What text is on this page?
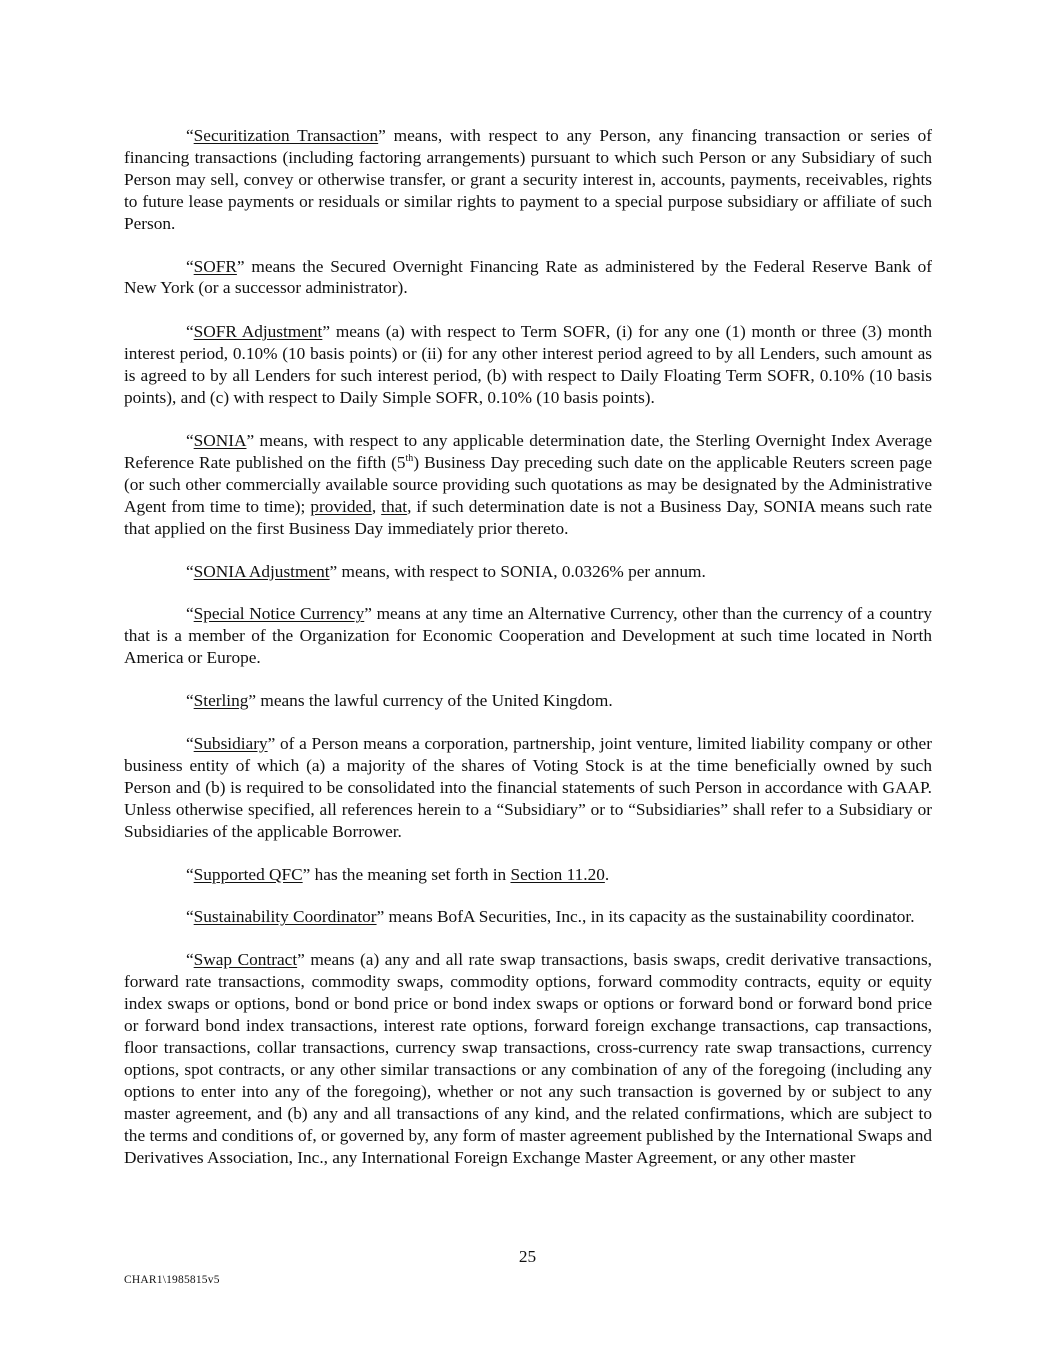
“Securitization Transaction” means, with respect to any Person, any financing transaction or series of financing transactions (including factoring arrangements) pursuant to which such Person or any Subsidiary of such Person may sell, convey or otherwise transfer, or grant a security interest in, accounts, payments, receivables, rights to future lease payments or residuals or similar rights to payment to a special purpose subsidiary or affiliate of such Person.

“SOFR” means the Secured Overnight Financing Rate as administered by the Federal Reserve Bank of New York (or a successor administrator).

“SOFR Adjustment” means (a) with respect to Term SOFR, (i) for any one (1) month or three (3) month interest period, 0.10% (10 basis points) or (ii) for any other interest period agreed to by all Lenders, such amount as is agreed to by all Lenders for such interest period, (b) with respect to Daily Floating Term SOFR, 0.10% (10 basis points), and (c) with respect to Daily Simple SOFR, 0.10% (10 basis points).

“SONIA” means, with respect to any applicable determination date, the Sterling Overnight Index Average Reference Rate published on the fifth (5th) Business Day preceding such date on the applicable Reuters screen page (or such other commercially available source providing such quotations as may be designated by the Administrative Agent from time to time); provided, that, if such determination date is not a Business Day, SONIA means such rate that applied on the first Business Day immediately prior thereto.

“SONIA Adjustment” means, with respect to SONIA, 0.0326% per annum.

“Special Notice Currency” means at any time an Alternative Currency, other than the currency of a country that is a member of the Organization for Economic Cooperation and Development at such time located in North America or Europe.

“Sterling” means the lawful currency of the United Kingdom.

“Subsidiary” of a Person means a corporation, partnership, joint venture, limited liability company or other business entity of which (a) a majority of the shares of Voting Stock is at the time beneficially owned by such Person and (b) is required to be consolidated into the financial statements of such Person in accordance with GAAP. Unless otherwise specified, all references herein to a “Subsidiary” or to “Subsidiaries” shall refer to a Subsidiary or Subsidiaries of the applicable Borrower.

“Supported QFC” has the meaning set forth in Section 11.20.

“Sustainability Coordinator” means BofA Securities, Inc., in its capacity as the sustainability coordinator.

“Swap Contract” means (a) any and all rate swap transactions, basis swaps, credit derivative transactions, forward rate transactions, commodity swaps, commodity options, forward commodity contracts, equity or equity index swaps or options, bond or bond price or bond index swaps or options or forward bond or forward bond price or forward bond index transactions, interest rate options, forward foreign exchange transactions, cap transactions, floor transactions, collar transactions, currency swap transactions, cross-currency rate swap transactions, currency options, spot contracts, or any other similar transactions or any combination of any of the foregoing (including any options to enter into any of the foregoing), whether or not any such transaction is governed by or subject to any master agreement, and (b) any and all transactions of any kind, and the related confirmations, which are subject to the terms and conditions of, or governed by, any form of master agreement published by the International Swaps and Derivatives Association, Inc., any International Foreign Exchange Master Agreement, or any other master

25
CHAR1\1985815v5
